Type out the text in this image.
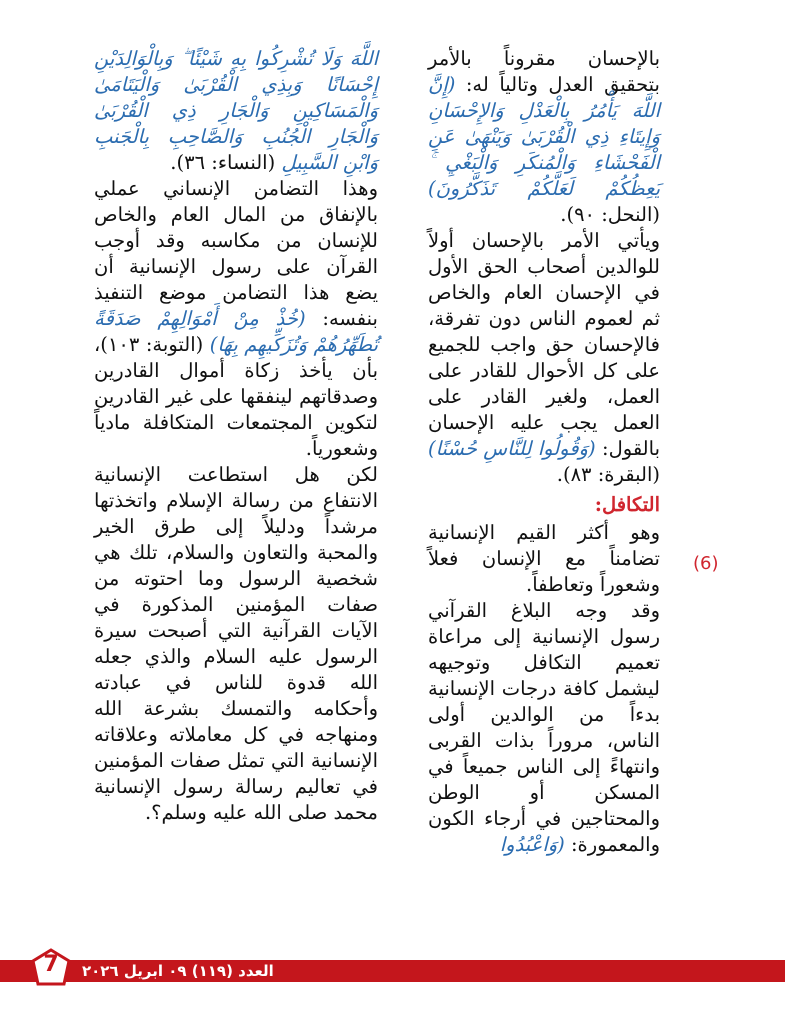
بالإحسان مقروناً بالأمر بتحقيق العدل وتالياً له: (إِنَّ اللَّهَ يَأْمُرُ بِالْعَدْلِ وَالإِحْسَانِ وَإِيتَاءِ ذِي الْقُرْبَىٰ وَيَنْهَىٰ عَنِ الْفَحْشَاءِ وَالْمُنكَرِ وَالْبَغْيِ ۚ يَعِظُكُمْ لَعَلَّكُمْ تَذَكَّرُونَ) (النحل: ٩٠).

ويأتي الأمر بالإحسان أولاً للوالدين أصحاب الحق الأول في الإحسان العام والخاص ثم لعموم الناس دون تفرقة، فالإحسان حق واجب للجميع على كل الأحوال للقادر على العمل، ولغير القادر على العمل يجب عليه الإحسان بالقول: (وَقُولُوا لِلنَّاسِ حُسْنًا) (البقرة: ٨٣).

التكافل:

وهو أكثر القيم الإنسانية تضامناً مع الإنسان فعلاً وشعوراً وتعاطفاً.

وقد وجه البلاغ القرآني رسول الإنسانية إلى مراعاة تعميم التكافل وتوجيهه ليشمل كافة درجات الإنسانية بدءاً من الوالدين أولى الناس، مروراً بذات القربى وانتهاءً إلى الناس جميعاً في المسكن أو الوطن والمحتاجين في أرجاء الكون والمعمورة: (وَاعْبُدُوا

(6)

اللَّهَ وَلَا تُشْرِكُوا بِهِ شَيْئًا ۖ وَبِالْوَالِدَيْنِ إِحْسَانًا وَبِذِي الْقُرْبَىٰ وَالْيَتَامَىٰ وَالْمَسَاكِينِ وَالْجَارِ ذِي الْقُرْبَىٰ وَالْجَارِ الْجُنُبِ وَالصَّاحِبِ بِالْجَنبِ وَابْنِ السَّبِيلِ (النساء: ٣٦).

وهذا التضامن الإنساني عملي بالإنفاق من المال العام والخاص للإنسان من مكاسبه وقد أوجب القرآن على رسول الإنسانية أن يضع هذا التضامن موضع التنفيذ بنفسه: (خُذْ مِنْ أَمْوَالِهِمْ صَدَقَةً تُطَهِّرُهُمْ وَتُزَكِّيهِم بِهَا) (التوبة: ١٠٣)، بأن يأخذ زكاة أموال القادرين وصدقاتهم لينفقها على غير القادرين لتكوين المجتمعات المتكافلة مادياً وشعورياً.

لكن هل استطاعت الإنسانية الانتفاع من رسالة الإسلام واتخذتها مرشداً ودليلاً إلى طرق الخير والمحبة والتعاون والسلام، تلك هي شخصية الرسول وما احتوته من صفات المؤمنين المذكورة في الآيات القرآنية التي أصبحت سيرة الرسول عليه السلام والذي جعله الله قدوة للناس في عبادته وأحكامه والتمسك بشرعة الله ومنهاجه في كل معاملاته وعلاقاته الإنسانية التي تمثل صفات المؤمنين في تعاليم رسالة رسول الإنسانية محمد صلى الله عليه وسلم؟.

العدد (١١٩) ٠٩ ابريل ٢٠٢٦
7
